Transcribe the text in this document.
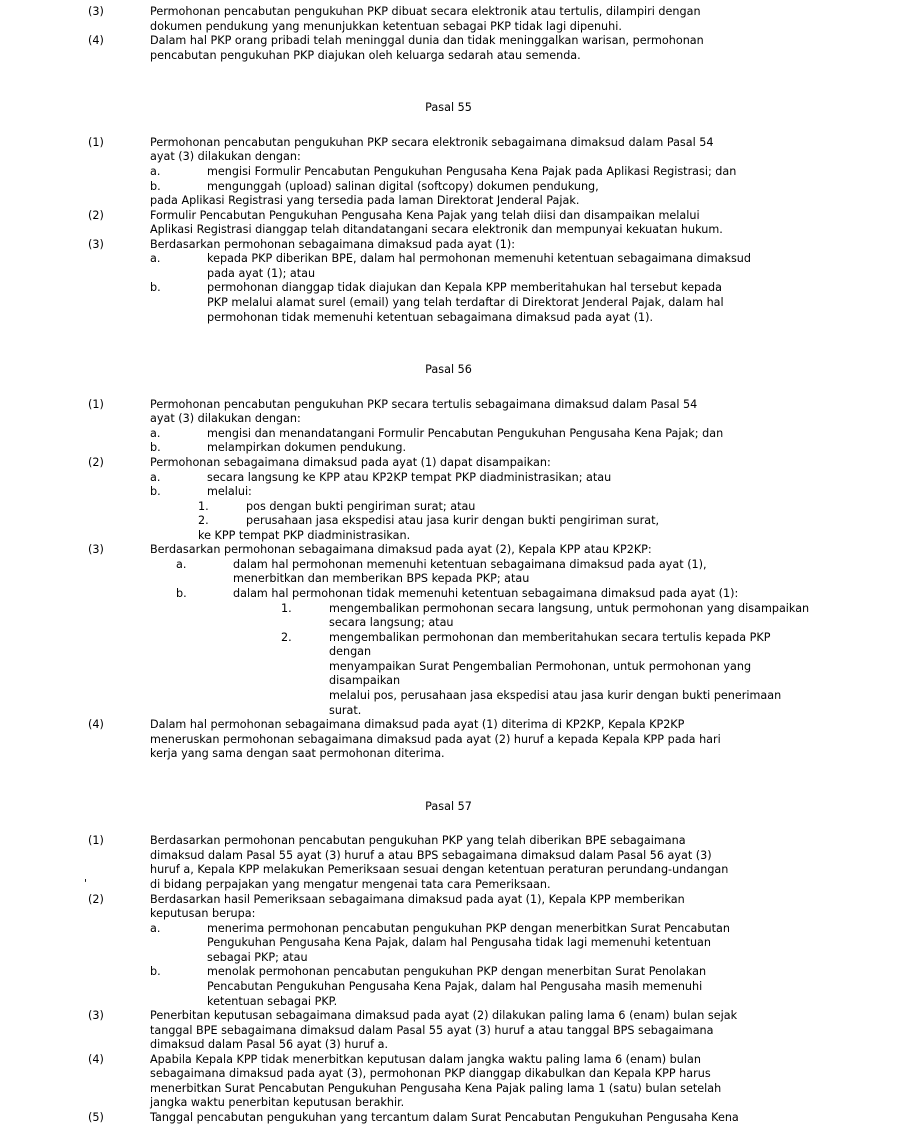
(3)	Permohonan pencabutan pengukuhan PKP dibuat secara elektronik atau tertulis, dilampiri dengan
dokumen pendukung yang menunjukkan ketentuan sebagai PKP tidak lagi dipenuhi.
(4)	Dalam hal PKP orang pribadi telah meninggal dunia dan tidak meninggalkan warisan, permohonan
pencabutan pengukuhan PKP diajukan oleh keluarga sedarah atau semenda.
Pasal 55
(1)	Permohonan pencabutan pengukuhan PKP secara elektronik sebagaimana dimaksud dalam Pasal 54
ayat (3) dilakukan dengan:
a.	mengisi Formulir Pencabutan Pengukuhan Pengusaha Kena Pajak pada Aplikasi Registrasi; dan
b.	mengunggah (upload) salinan digital (softcopy) dokumen pendukung,
pada Aplikasi Registrasi yang tersedia pada laman Direktorat Jenderal Pajak.
(2)	Formulir Pencabutan Pengukuhan Pengusaha Kena Pajak yang telah diisi dan disampaikan melalui
Aplikasi Registrasi dianggap telah ditandatangani secara elektronik dan mempunyai kekuatan hukum.
(3)	Berdasarkan permohonan sebagaimana dimaksud pada ayat (1):
a.	kepada PKP diberikan BPE, dalam hal permohonan memenuhi ketentuan sebagaimana dimaksud
pada ayat (1); atau
b.	permohonan dianggap tidak diajukan dan Kepala KPP memberitahukan hal tersebut kepada
PKP melalui alamat surel (email) yang telah terdaftar di Direktorat Jenderal Pajak, dalam hal
permohonan tidak memenuhi ketentuan sebagaimana dimaksud pada ayat (1).
Pasal 56
(1)	Permohonan pencabutan pengukuhan PKP secara tertulis sebagaimana dimaksud dalam Pasal 54
ayat (3) dilakukan dengan:
a.	mengisi dan menandatangani Formulir Pencabutan Pengukuhan Pengusaha Kena Pajak; dan
b.	melampirkan dokumen pendukung.
(2)	Permohonan sebagaimana dimaksud pada ayat (1) dapat disampaikan:
a.	secara langsung ke KPP atau KP2KP tempat PKP diadministrasikan; atau
b.	melalui:
1.	pos dengan bukti pengiriman surat; atau
2.	perusahaan jasa ekspedisi atau jasa kurir dengan bukti pengiriman surat,
ke KPP tempat PKP diadministrasikan.
(3)	Berdasarkan permohonan sebagaimana dimaksud pada ayat (2), Kepala KPP atau KP2KP:
a.	dalam hal permohonan memenuhi ketentuan sebagaimana dimaksud pada ayat (1),
menerbitkan dan memberikan BPS kepada PKP; atau
b.	dalam hal permohonan tidak memenuhi ketentuan sebagaimana dimaksud pada ayat (1):
1.	mengembalikan permohonan secara langsung, untuk permohonan yang disampaikan
secara langsung; atau
2.	mengembalikan permohonan dan memberitahukan secara tertulis kepada PKP dengan
menyampaikan Surat Pengembalian Permohonan, untuk permohonan yang disampaikan
melalui pos, perusahaan jasa ekspedisi atau jasa kurir dengan bukti penerimaan surat.
(4)	Dalam hal permohonan sebagaimana dimaksud pada ayat (1) diterima di KP2KP, Kepala KP2KP
meneruskan permohonan sebagaimana dimaksud pada ayat (2) huruf a kepada Kepala KPP pada hari
kerja yang sama dengan saat permohonan diterima.
Pasal 57
(1)	Berdasarkan permohonan pencabutan pengukuhan PKP yang telah diberikan BPE sebagaimana
dimaksud dalam Pasal 55 ayat (3) huruf a atau BPS sebagaimana dimaksud dalam Pasal 56 ayat (3)
huruf a, Kepala KPP melakukan Pemeriksaan sesuai dengan ketentuan peraturan perundang-undangan
di bidang perpajakan yang mengatur mengenai tata cara Pemeriksaan.
'
(2)	Berdasarkan hasil Pemeriksaan sebagaimana dimaksud pada ayat (1), Kepala KPP memberikan
keputusan berupa:
a.	menerima permohonan pencabutan pengukuhan PKP dengan menerbitkan Surat Pencabutan
Pengukuhan Pengusaha Kena Pajak, dalam hal Pengusaha tidak lagi memenuhi ketentuan
sebagai PKP; atau
b.	menolak permohonan pencabutan pengukuhan PKP dengan menerbitan Surat Penolakan
Pencabutan Pengukuhan Pengusaha Kena Pajak, dalam hal Pengusaha masih memenuhi
ketentuan sebagai PKP.
(3)	Penerbitan keputusan sebagaimana dimaksud pada ayat (2) dilakukan paling lama 6 (enam) bulan sejak
tanggal BPE sebagaimana dimaksud dalam Pasal 55 ayat (3) huruf a atau tanggal BPS sebagaimana
dimaksud dalam Pasal 56 ayat (3) huruf a.
(4)	Apabila Kepala KPP tidak menerbitkan keputusan dalam jangka waktu paling lama 6 (enam) bulan
sebagaimana dimaksud pada ayat (3), permohonan PKP dianggap dikabulkan dan Kepala KPP harus
menerbitkan Surat Pencabutan Pengukuhan Pengusaha Kena Pajak paling lama 1 (satu) bulan setelah
jangka waktu penerbitan keputusan berakhir.
(5)	Tanggal pencabutan pengukuhan yang tercantum dalam Surat Pencabutan Pengukuhan Pengusaha Kena
